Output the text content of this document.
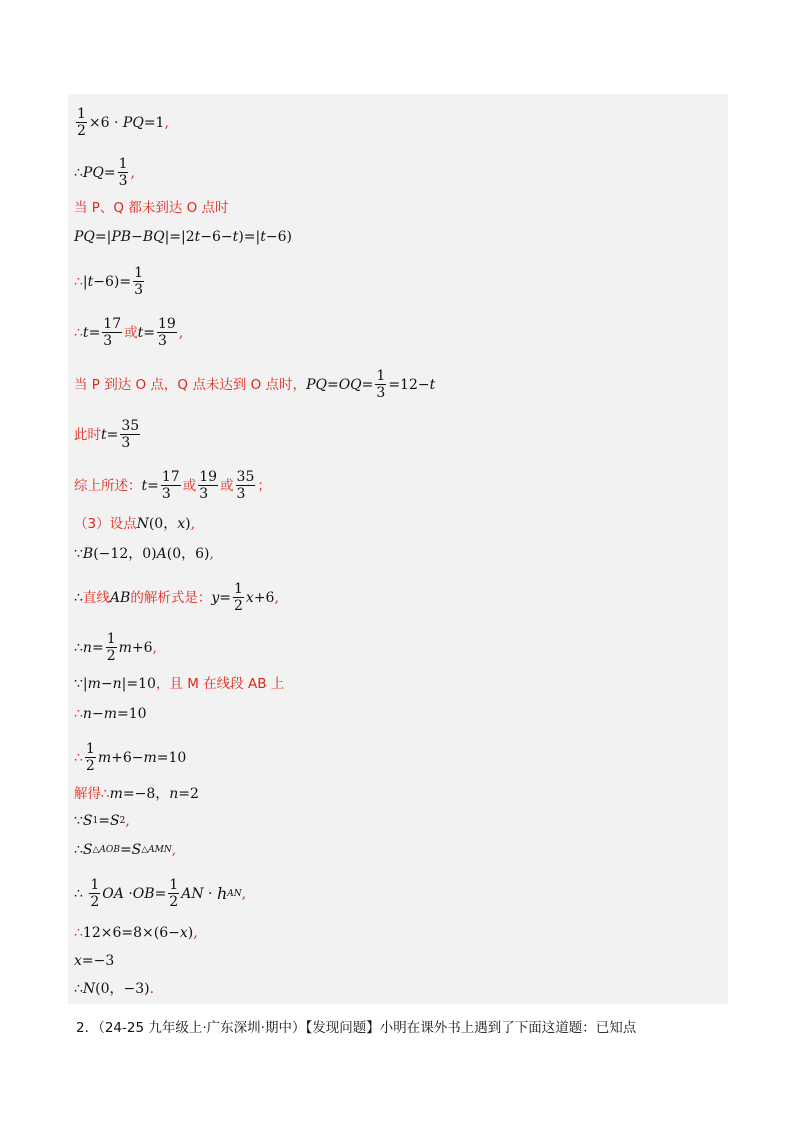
$\frac{1}{2} \times 6$ ·
PQ =1 ,
∴ PQ = $\frac{1}{3}$ ,
当 P、Q 都未到达 O 点时
PQ =| PB − BQ |=|2 t −6− t )=| t −6)
∴ | $t -6)= \frac{1}{3}$
∴ $t = \frac{17}{3}$ 或 $t = \frac{19}{3}$ ,
当 P 到达 O 点，Q 点未达到 O 点时， PQ = OQ = $\frac{1}{3} =12- t$
此时 $t = \frac{35}{3}$
综上所述： $t = \frac{17}{3}$ 或 $\frac{19}{3}$ 或 $\frac{35}{3}$ ；
（3）设点 N (0， x ) ,
∵ B (−12，0) A (0，6) ,
∴ 直线 AB 的解析式是： $y = \frac{1}{2}$ x +6 ,
∴ $n = \frac{1}{2}$ m +6 ,
∵| m − n |=10 ，且 M 在线段 AB 上
∴ n − m =10
∴ $\frac{1}{2}$ m +6− m =10
解得∴ m =−8， n =2
∵ S 1 = S 2 ,
∴ S △AOB = S △AMN ,
∴
$\frac{1}{2}$ OA
· OB = $\frac{1}{2}$ AN
·
h AN ,
∴ 12×6=8×(6− x ) ,
x =−3
∴ N (0，−3) .
2．（24-25 九年级上·广东深圳·期中）【发现问题】小明在课外书上遇到了下面这道题：已知点
